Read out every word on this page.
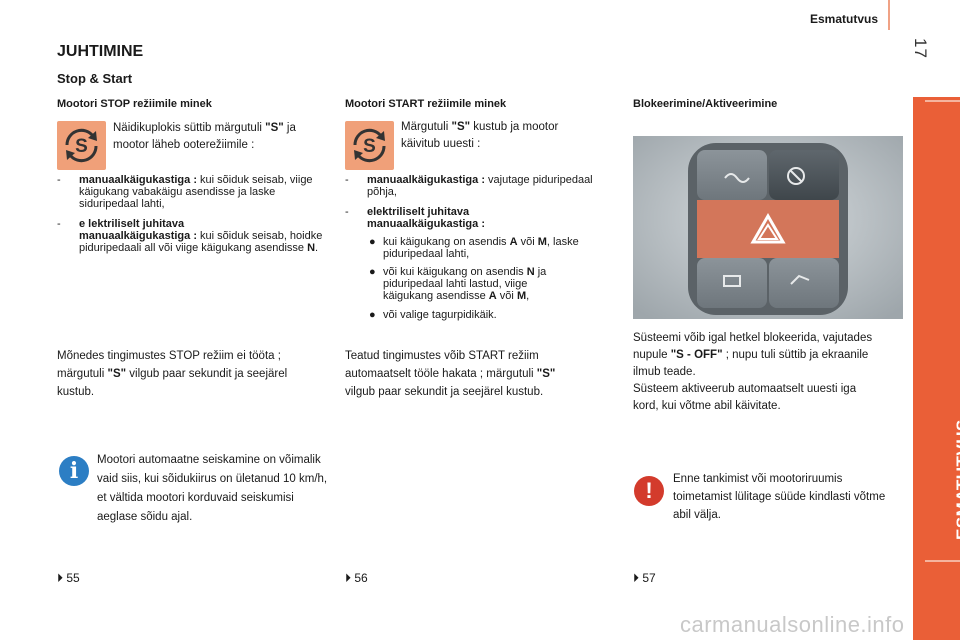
Esmatutvus
17
ESMATUTVUS
JUHTIMINE
Stop & Start
Mootori STOP režiimile minek
S
Näidikuplokis süttib märgutuli "S" ja
mootor läheb ooterežiimile :
- manuaalkäigukastiga : kui sõiduk seisab, viige käigukang vabakäigu asendisse ja laske siduripedaal lahti,
- e lektriliselt juhitava
manuaalkäigukastiga : kui sõiduk seisab, hoidke piduripedaali all või viige käigukang asendisse N.
Mõnedes tingimustes STOP režiim ei tööta ;
märgutuli "S" vilgub paar sekundit ja seejärel
kustub.
i	Mootori automaatne seiskamine on võimalik vaid siis, kui sõidukiirus on ületanud 10 km/h, et vältida mootori korduvaid seiskumisi aeglase sõidu ajal.
⏵ 55
Mootori START režiimile minek
S
Märgutuli "S" kustub ja mootor
käivitub uuesti :
- manuaalkäigukastiga : vajutage piduripedaal põhja,
- elektriliselt juhitava manuaalkäigukastiga :
● kui käigukang on asendis A või M, laske piduripedaal lahti,
● või kui käigukang on asendis N ja piduripedaal lahti lastud, viige käigukang asendisse A või M,
● või valige tagurpidikäik.
Teatud tingimustes võib START režiim
automaatselt tööle hakata ; märgutuli "S"
vilgub paar sekundit ja seejärel kustub.
⏵ 56
Blokeerimine/Aktiveerimine
Süsteemi võib igal hetkel blokeerida, vajutades
nupule "S - OFF" ; nupu tuli süttib ja ekraanile
ilmub teade.
Süsteem aktiveerub automaatselt uuesti iga
kord, kui võtme abil käivitate.
!	Enne tankimist või mootoriruumis toimetamist lülitage süüde kindlasti võtme abil välja.
⏵ 57
carmanualsonline.info
